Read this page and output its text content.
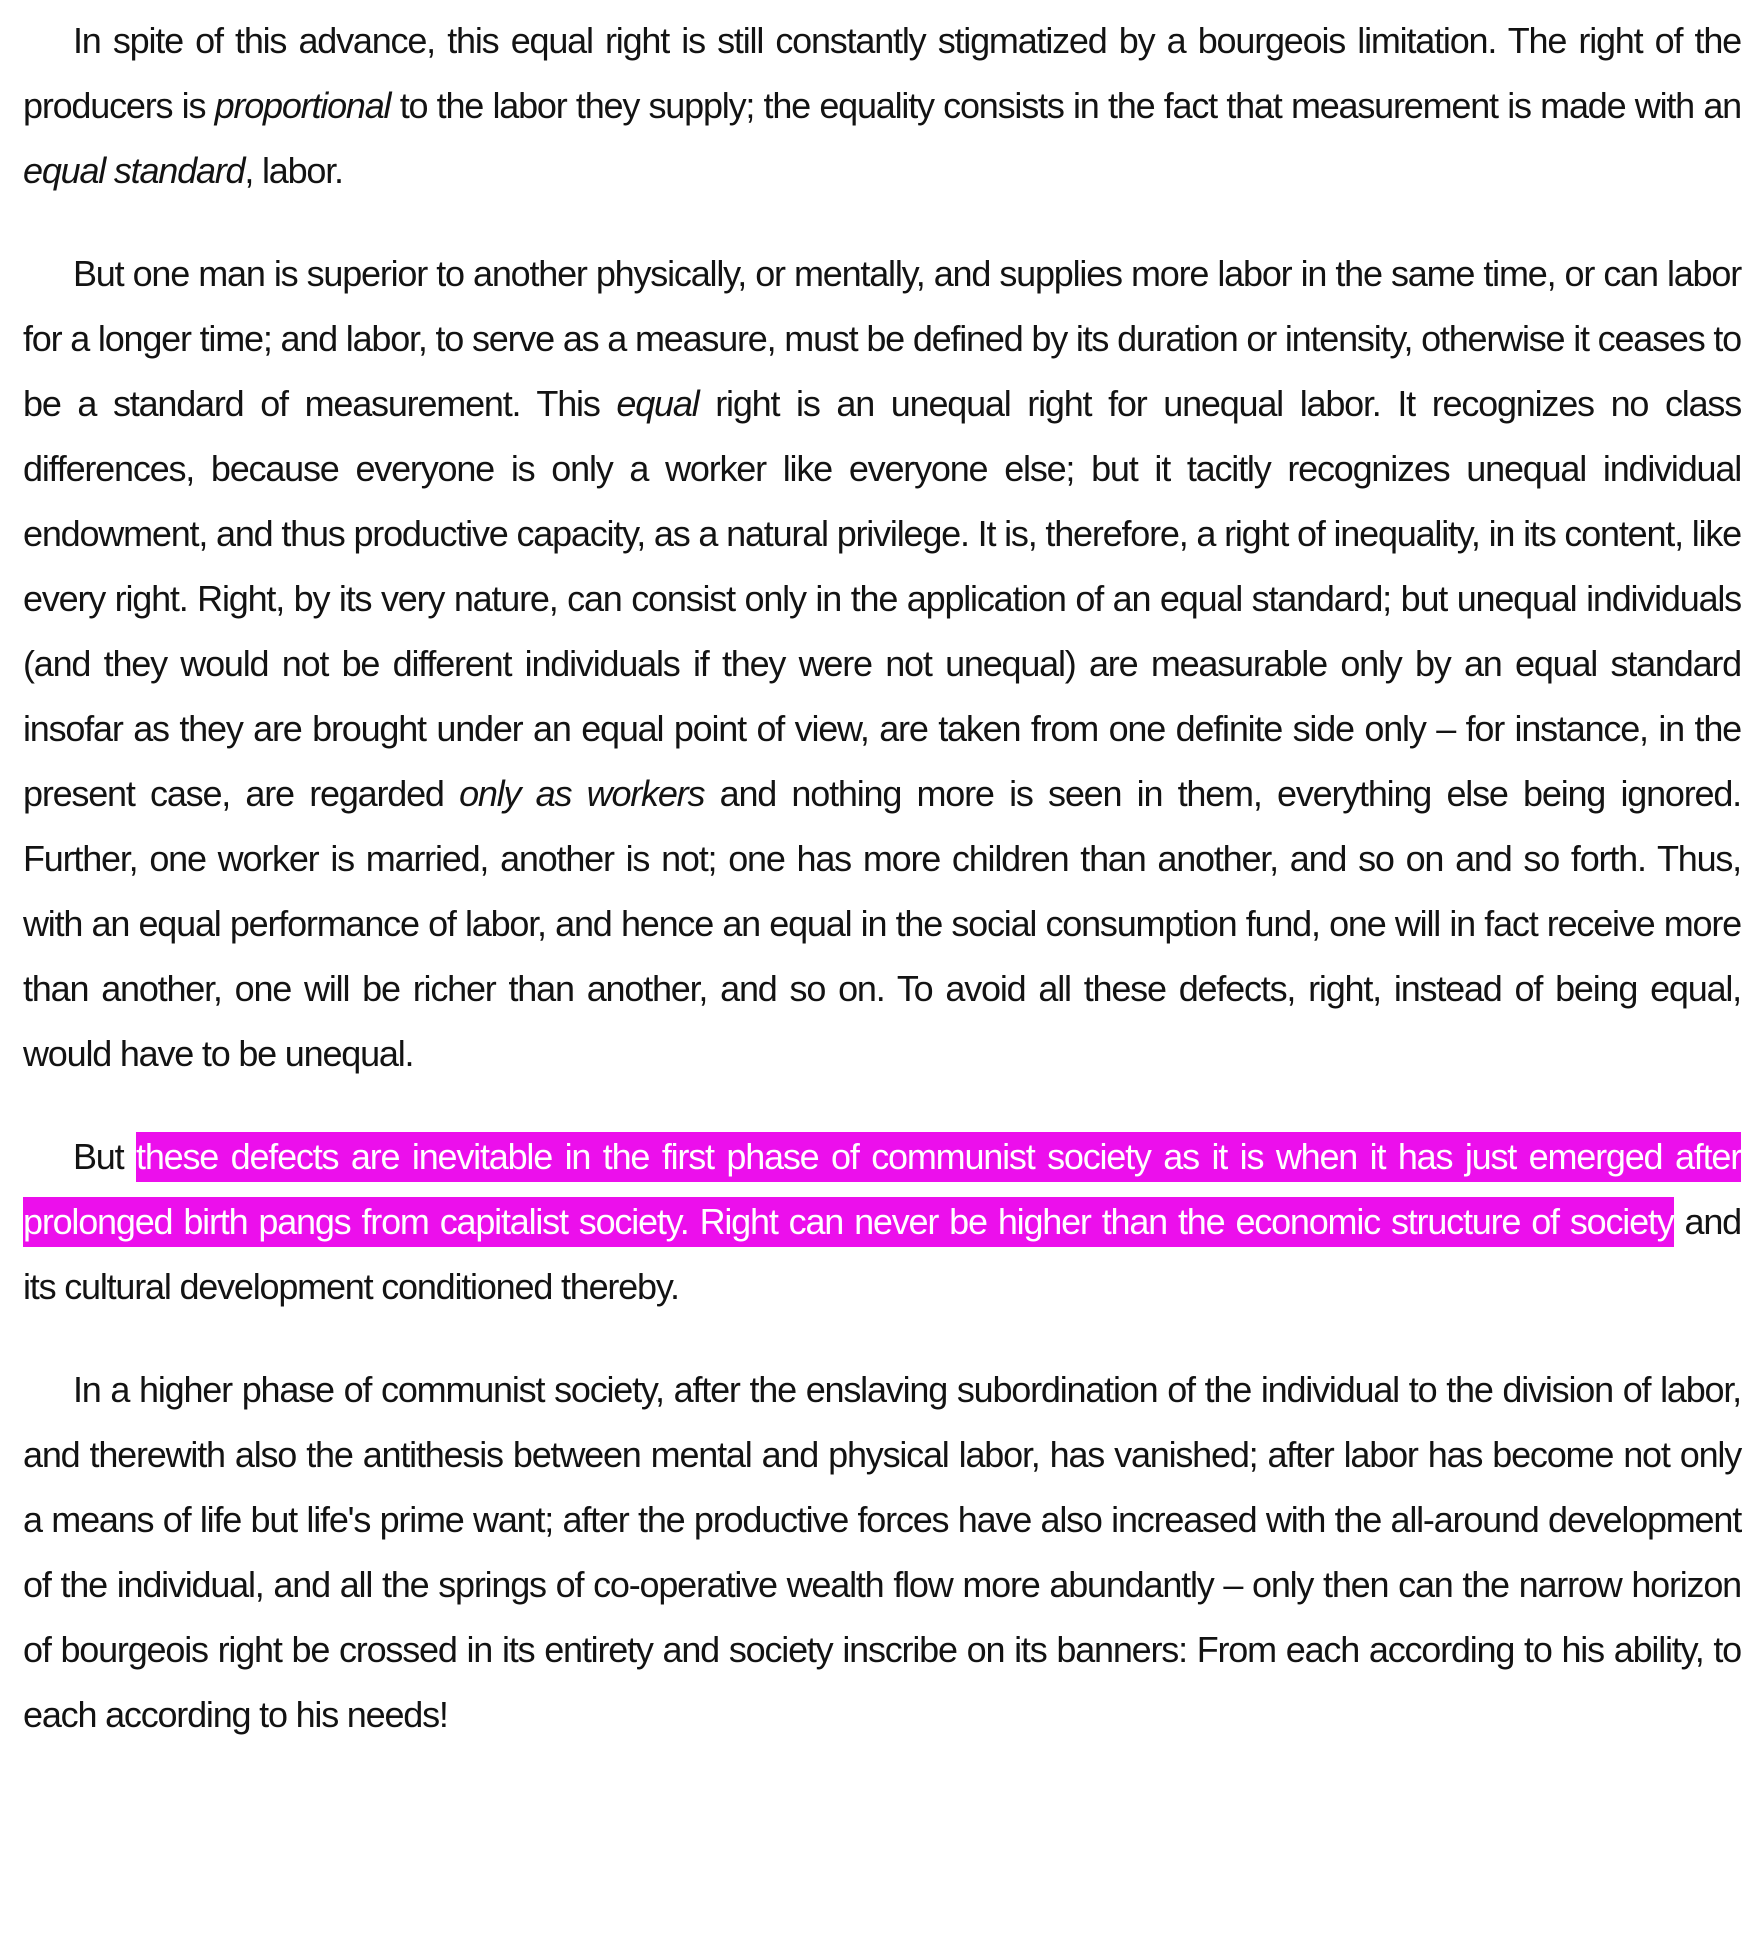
In spite of this advance, this equal right is still constantly stigmatized by a bourgeois limitation. The right of the producers is proportional to the labor they supply; the equality consists in the fact that measurement is made with an equal standard, labor.

But one man is superior to another physically, or mentally, and supplies more labor in the same time, or can labor for a longer time; and labor, to serve as a measure, must be defined by its duration or intensity, otherwise it ceases to be a standard of measurement. This equal right is an unequal right for unequal labor. It recognizes no class differences, because everyone is only a worker like everyone else; but it tacitly recognizes unequal individual endowment, and thus productive capacity, as a natural privilege. It is, therefore, a right of inequality, in its content, like every right. Right, by its very nature, can consist only in the application of an equal standard; but unequal individuals (and they would not be different individuals if they were not unequal) are measurable only by an equal standard insofar as they are brought under an equal point of view, are taken from one definite side only – for instance, in the present case, are regarded only as workers and nothing more is seen in them, everything else being ignored. Further, one worker is married, another is not; one has more children than another, and so on and so forth. Thus, with an equal performance of labor, and hence an equal in the social consumption fund, one will in fact receive more than another, one will be richer than another, and so on. To avoid all these defects, right, instead of being equal, would have to be unequal.

But these defects are inevitable in the first phase of communist society as it is when it has just emerged after prolonged birth pangs from capitalist society. Right can never be higher than the economic structure of society and its cultural development conditioned thereby.

In a higher phase of communist society, after the enslaving subordination of the individual to the division of labor, and therewith also the antithesis between mental and physical labor, has vanished; after labor has become not only a means of life but life's prime want; after the productive forces have also increased with the all-around development of the individual, and all the springs of co-operative wealth flow more abundantly – only then can the narrow horizon of bourgeois right be crossed in its entirety and society inscribe on its banners: From each according to his ability, to each according to his needs!
